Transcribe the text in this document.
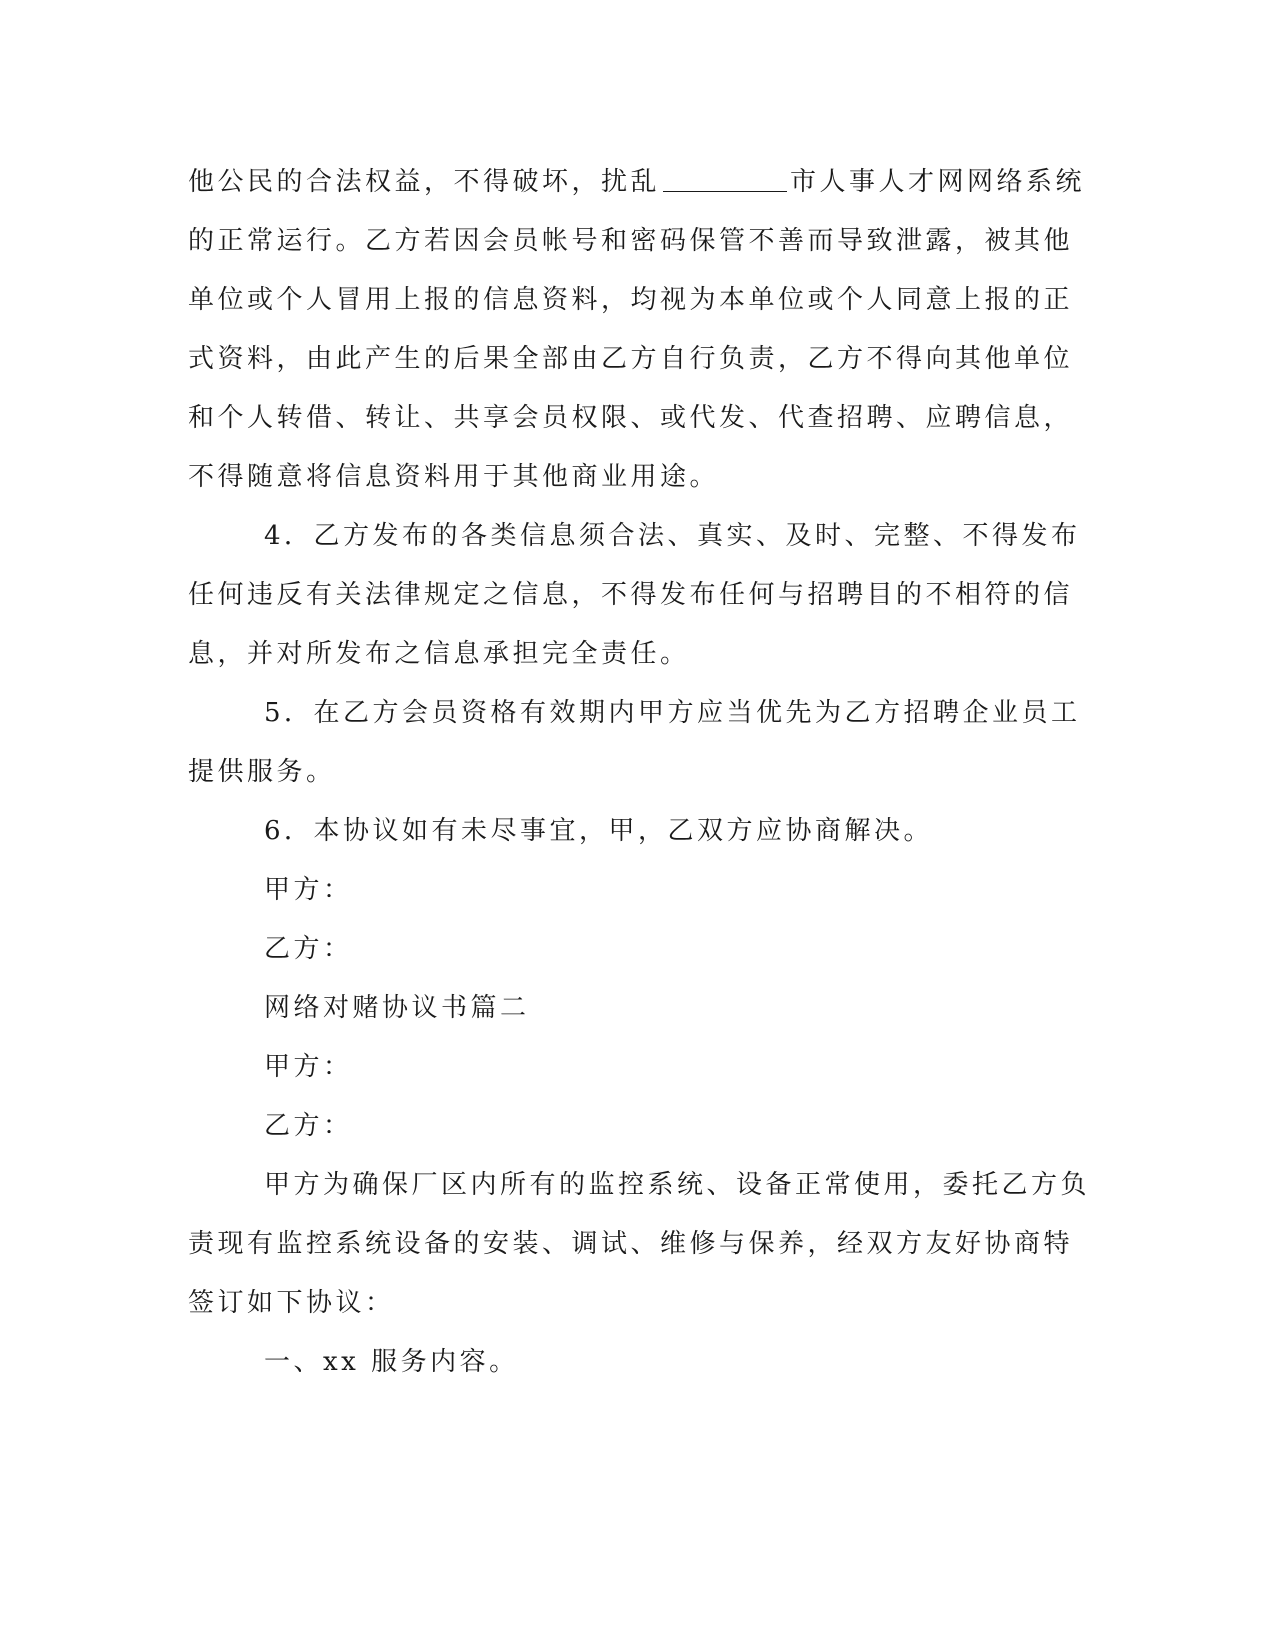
他公民的合法权益，不得破坏，扰乱	市人事人才网网络系统
的正常运行。乙方若因会员帐号和密码保管不善而导致泄露，被其他
单位或个人冒用上报的信息资料，均视为本单位或个人同意上报的正
式资料，由此产生的后果全部由乙方自行负责，乙方不得向其他单位
和个人转借、转让、共享会员权限、或代发、代查招聘、应聘信息，
不得随意将信息资料用于其他商业用途。
4．乙方发布的各类信息须合法、真实、及时、完整、不得发布
任何违反有关法律规定之信息，不得发布任何与招聘目的不相符的信
息，并对所发布之信息承担完全责任。
5．在乙方会员资格有效期内甲方应当优先为乙方招聘企业员工
提供服务。
6．本协议如有未尽事宜，甲，乙双方应协商解决。
甲方：
乙方：
网络对赌协议书篇二
甲方：
乙方：
甲方为确保厂区内所有的监控系统、设备正常使用，委托乙方负
责现有监控系统设备的安装、调试、维修与保养，经双方友好协商特
签订如下协议：
一、xx 服务内容。
